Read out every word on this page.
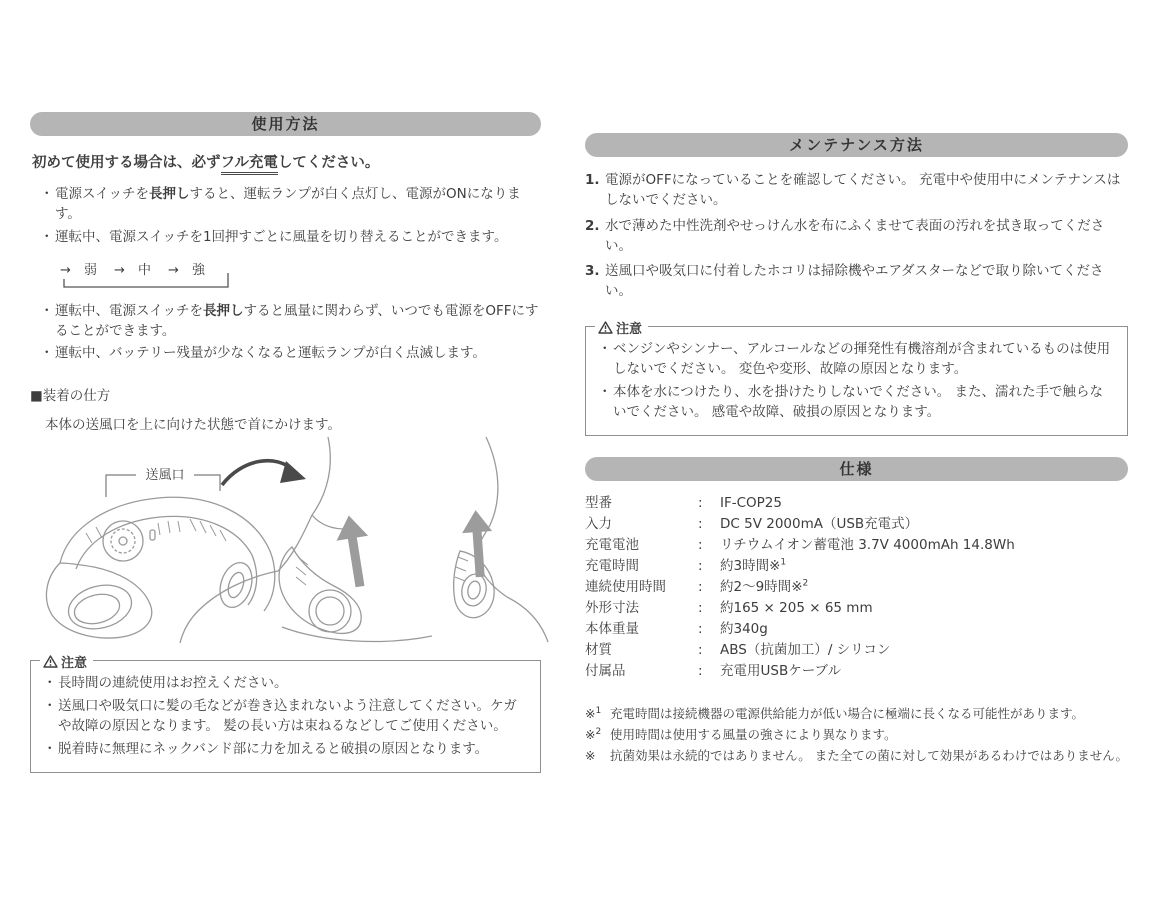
使用方法

初めて使用する場合は、必ずフル充電してください。

・ 電源スイッチを長押しすると、運転ランプが白く点灯し、電源がONになります。
・ 運転中、電源スイッチを1回押すごとに風量を切り替えることができます。
→ 弱 → 中 → 強
・ 運転中、電源スイッチを長押しすると風量に関わらず、いつでも電源をOFFにすることができます。
・ 運転中、バッテリー残量が少なくなると運転ランプが白く点滅します。
■装着の仕方

本体の送風口を上に向けた状態で首にかけます。

送風口
注意
・ 長時間の連続使用はお控えください。
・ 送風口や吸気口に髪の毛などが巻き込まれないよう注意してください。ケガや故障の原因となります。 髪の長い方は束ねるなどしてご使用ください。
・ 脱着時に無理にネックバンド部に力を加えると破損の原因となります。
メンテナンス方法
1. 電源がOFFになっていることを確認してください。 充電中や使用中にメンテナンスはしないでください。
2. 水で薄めた中性洗剤やせっけん水を布にふくませて表面の汚れを拭き取ってください。
3. 送風口や吸気口に付着したホコリは掃除機やエアダスターなどで取り除いてください。
注意
・ ベンジンやシンナー、アルコールなどの揮発性有機溶剤が含まれているものは使用しないでください。 変色や変形、故障の原因となります。
・ 本体を水につけたり、水を掛けたりしないでください。 また、濡れた手で触らないでください。 感電や故障、破損の原因となります。
仕様
型番	:	IF-COP25
入力	:	DC 5V 2000mA（USB充電式）
充電電池	:	リチウムイオン蓄電池 3.7V 4000mAh 14.8Wh
充電時間	:	約3時間※$^1$
連続使用時間	:	約2～9時間※$^2$
外形寸法	:	約165 × 205 × 65 mm
本体重量	:	約340g
材質	:	ABS（抗菌加工）/ シリコン
付属品	:	充電用USBケーブル
※$^1$ 充電時間は接続機器の電源供給能力が低い場合に極端に長くなる可能性があります。
※$^2$ 使用時間は使用する風量の強さにより異なります。
※	抗菌効果は永続的ではありません。 また全ての菌に対して効果があるわけではありません。
